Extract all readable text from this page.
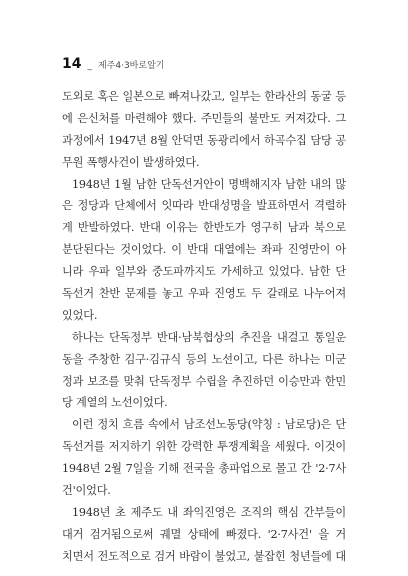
14 _ 제주4·3바로알기
도외로 혹은 일본으로 빠져나갔고, 일부는 한라산의 동굴 등
에 은신처를 마련해야 했다. 주민들의 불만도 커져갔다. 그
과정에서 1947년 8월 안덕면 동광리에서 하곡수집 담당 공
무원 폭행사건이 발생하였다.
1948년 1월 남한 단독선거안이 명백해지자 남한 내의 많
은 정당과 단체에서 잇따라 반대성명을 발표하면서 격렬하
게 반발하였다. 반대 이유는 한반도가 영구히 남과 북으로
분단된다는 것이었다. 이 반대 대열에는 좌파 진영만이 아
니라 우파 일부와 중도파까지도 가세하고 있었다. 남한 단
독선거 찬반 문제를 놓고 우파 진영도 두 갈래로 나누어져
있었다.
하나는 단독정부 반대·남북협상의 추진을 내걸고 통일운
동을 주창한 김구·김규식 등의 노선이고, 다른 하나는 미군
정과 보조를 맞춰 단독정부 수립을 추진하던 이승만과 한민
당 계열의 노선이었다.
이런 정치 흐름 속에서 남조선노동당(약칭 : 남로당)은 단
독선거를 저지하기 위한 강력한 투쟁계획을 세웠다. 이것이
1948년 2월 7일을 기해 전국을 총파업으로 몰고 간 '2·7사
건'이었다.
1948년 초 제주도 내 좌익진영은 조직의 핵심 간부들이
대거 검거됨으로써 궤멸 상태에 빠졌다. '2·7사건' 을 거
치면서 전도적으로 검거 바람이 불었고, 붙잡힌 청년들에 대
